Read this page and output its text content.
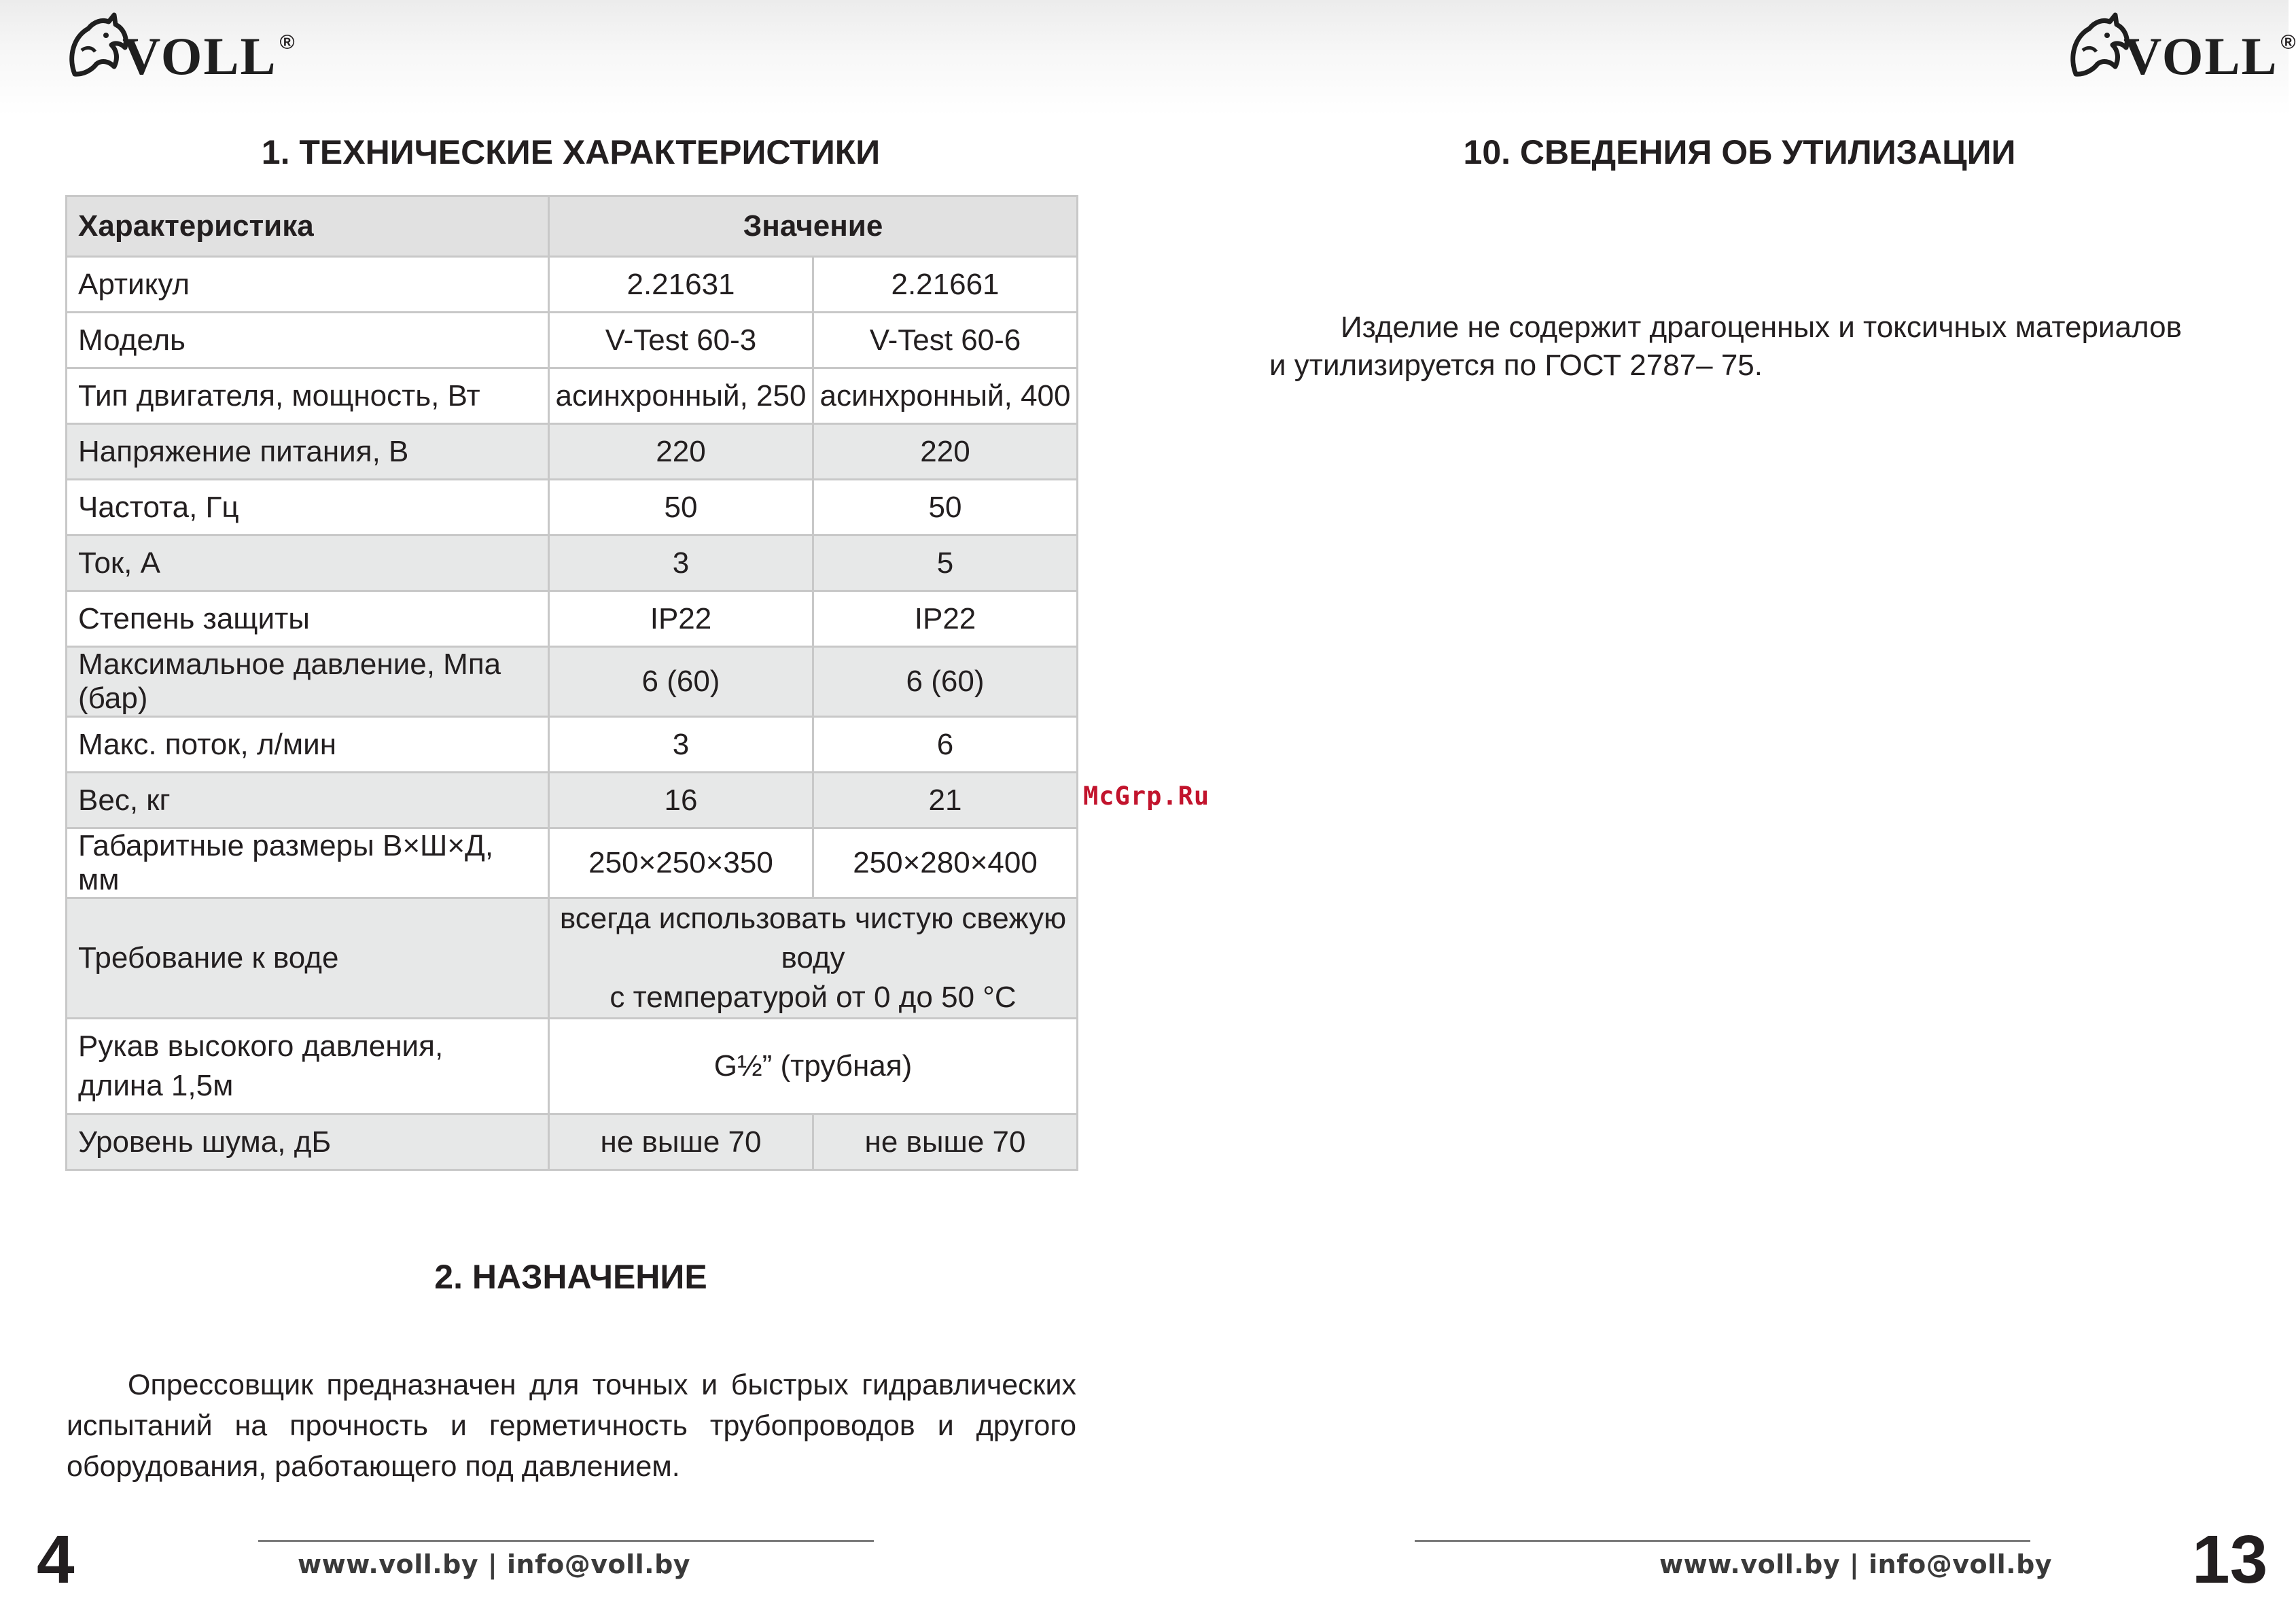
VOLL ®	VOLL ®
1. ТЕХНИЧЕСКИЕ ХАРАКТЕРИСТИКИ
Характеристика	Значение	
Артикул	2.21631	2.21661
Модель	V-Test 60-3	V-Test 60-6
Тип двигателя, мощность, Вт	асинхронный, 250	асинхронный, 400
Напряжение питания, В	220	220
Частота, Гц	50	50
Ток, А	3	5
Степень защиты	IP22	IP22
Максимальное давление, Мпа (бар)	6 (60)	6 (60)
Макс. поток, л/мин	3	6
Вес, кг	16	21
Габаритные размеры В×Ш×Д, мм	250×250×350	250×280×400
Требование к воде	всегда использовать чистую свежую воду
с температурой от 0 до 50 °С	
Рукав высокого давления,
длина 1,5м	G½” (трубная)	
Уровень шума, дБ	не выше 70	не выше 70
McGrp.Ru
2. НАЗНАЧЕНИЕ

Опрессовщик предназначен для точных и быстрых гидравлических испытаний на прочность и герметичность трубопроводов и другого оборудования, работающего под давлением.

10. СВЕДЕНИЯ ОБ УТИЛИЗАЦИИ

Изделие не содержит драгоценных и токсичных материалов
и утилизируется по ГОСТ 2787– 75.

www.voll.by | info@voll.by	www.voll.by | info@voll.by
4	13
